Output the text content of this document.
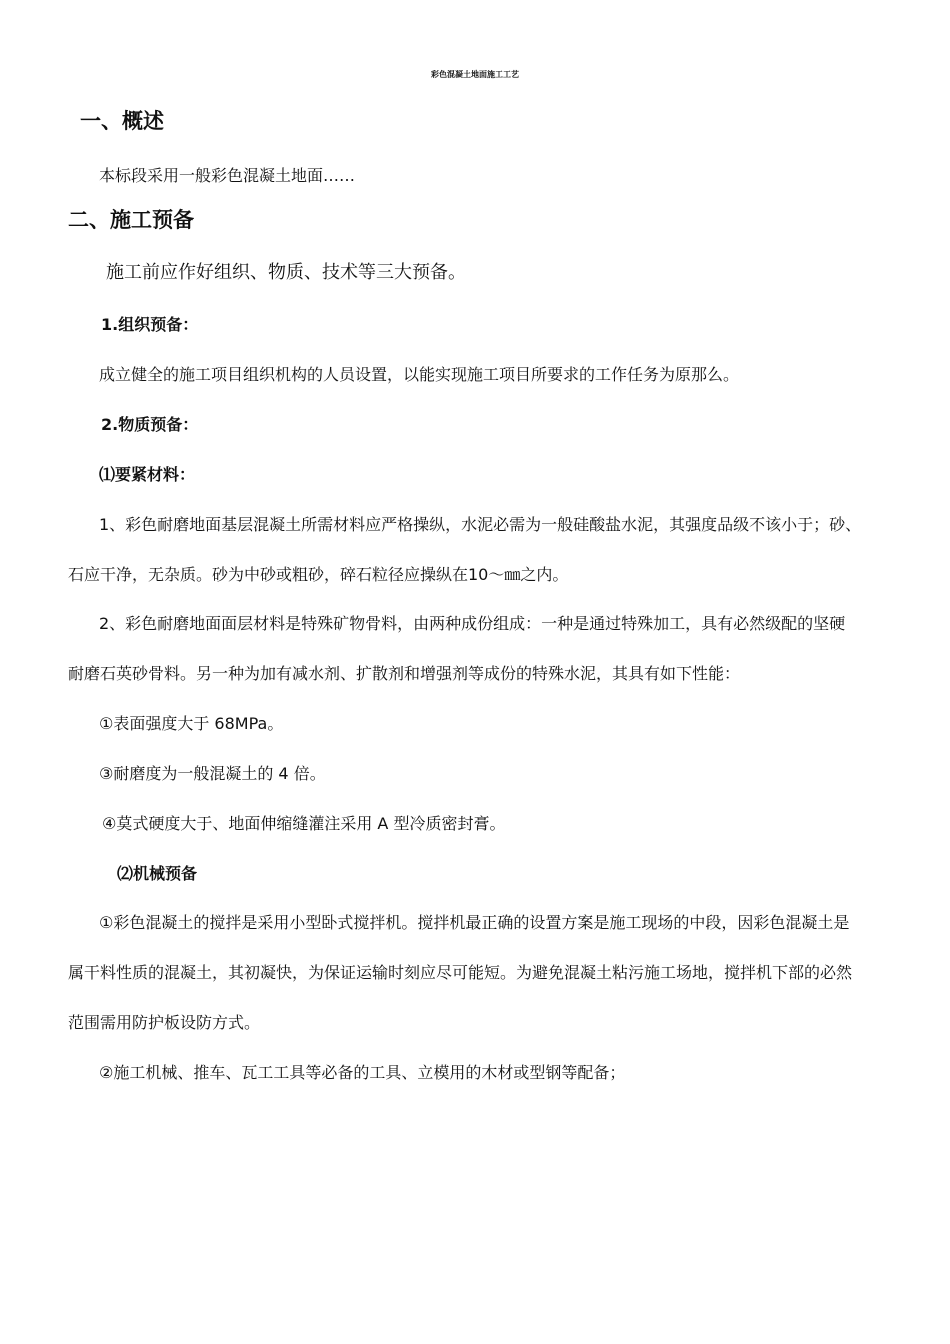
彩色混凝土地面施工工艺
一、概述
本标段采用一般彩色混凝土地面……
二、施工预备
施工前应作好组织、物质、技术等三大预备。
1.组织预备：
成立健全的施工项目组织机构的人员设置，以能实现施工项目所要求的工作任务为原那么。
2.物质预备：
⑴要紧材料：
1、彩色耐磨地面基层混凝土所需材料应严格操纵，水泥必需为一般硅酸盐水泥，其强度品级不该小于；砂、
石应干净，无杂质。砂为中砂或粗砂，碎石粒径应操纵在10～㎜之内。
2、彩色耐磨地面面层材料是特殊矿物骨料，由两种成份组成：一种是通过特殊加工，具有必然级配的坚硬
耐磨石英砂骨料。另一种为加有减水剂、扩散剂和增强剂等成份的特殊水泥，其具有如下性能：
①表面强度大于 68MPa。
③耐磨度为一般混凝土的 4 倍。
④莫式硬度大于、地面伸缩缝灌注采用 A 型冷质密封膏。
⑵机械预备
①彩色混凝土的搅拌是采用小型卧式搅拌机。搅拌机最正确的设置方案是施工现场的中段，因彩色混凝土是
属干料性质的混凝土，其初凝快，为保证运输时刻应尽可能短。为避免混凝土粘污施工场地，搅拌机下部的必然
范围需用防护板设防方式。
②施工机械、推车、瓦工工具等必备的工具、立模用的木材或型钢等配备；
